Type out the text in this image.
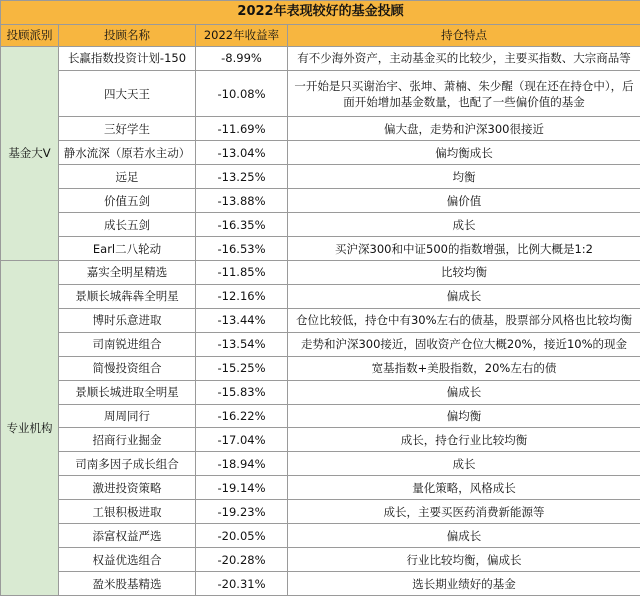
2022年表现较好的基金投顾			
投顾派别	投顾名称	2022年收益率	持仓特点
基金大V	长赢指数投资计划-150	-8.99%	有不少海外资产，主动基金买的比较少，主要买指数、大宗商品等
	四大天王	-10.08%	一开始是只买谢治宇、张坤、萧楠、朱少醒（现在还在持仓中），后面开始增加基金数量，也配了一些偏价值的基金
	三好学生	-11.69%	偏大盘，走势和沪深300很接近
	静水流深（原若水主动）	-13.04%	偏均衡成长
	远足	-13.25%	均衡
	价值五剑	-13.88%	偏价值
	成长五剑	-16.35%	成长
	Earl二八轮动	-16.53%	买沪深300和中证500的指数增强，比例大概是1:2
专业机构	嘉实全明星精选	-11.85%	比较均衡
	景顺长城犇犇全明星	-12.16%	偏成长
	博时乐意进取	-13.44%	仓位比较低，持仓中有30%左右的债基，股票部分风格也比较均衡
	司南锐进组合	-13.54%	走势和沪深300接近，固收资产仓位大概20%，接近10%的现金
	简慢投资组合	-15.25%	宽基指数+美股指数，20%左右的债
	景顺长城进取全明星	-15.83%	偏成长
	周周同行	-16.22%	偏均衡
	招商行业掘金	-17.04%	成长，持仓行业比较均衡
	司南多因子成长组合	-18.94%	成长
	激进投资策略	-19.14%	量化策略，风格成长
	工银积极进取	-19.23%	成长，主要买医药消费新能源等
	添富权益严选	-20.05%	偏成长
	权益优选组合	-20.28%	行业比较均衡，偏成长
	盈米股基精选	-20.31%	选长期业绩好的基金
